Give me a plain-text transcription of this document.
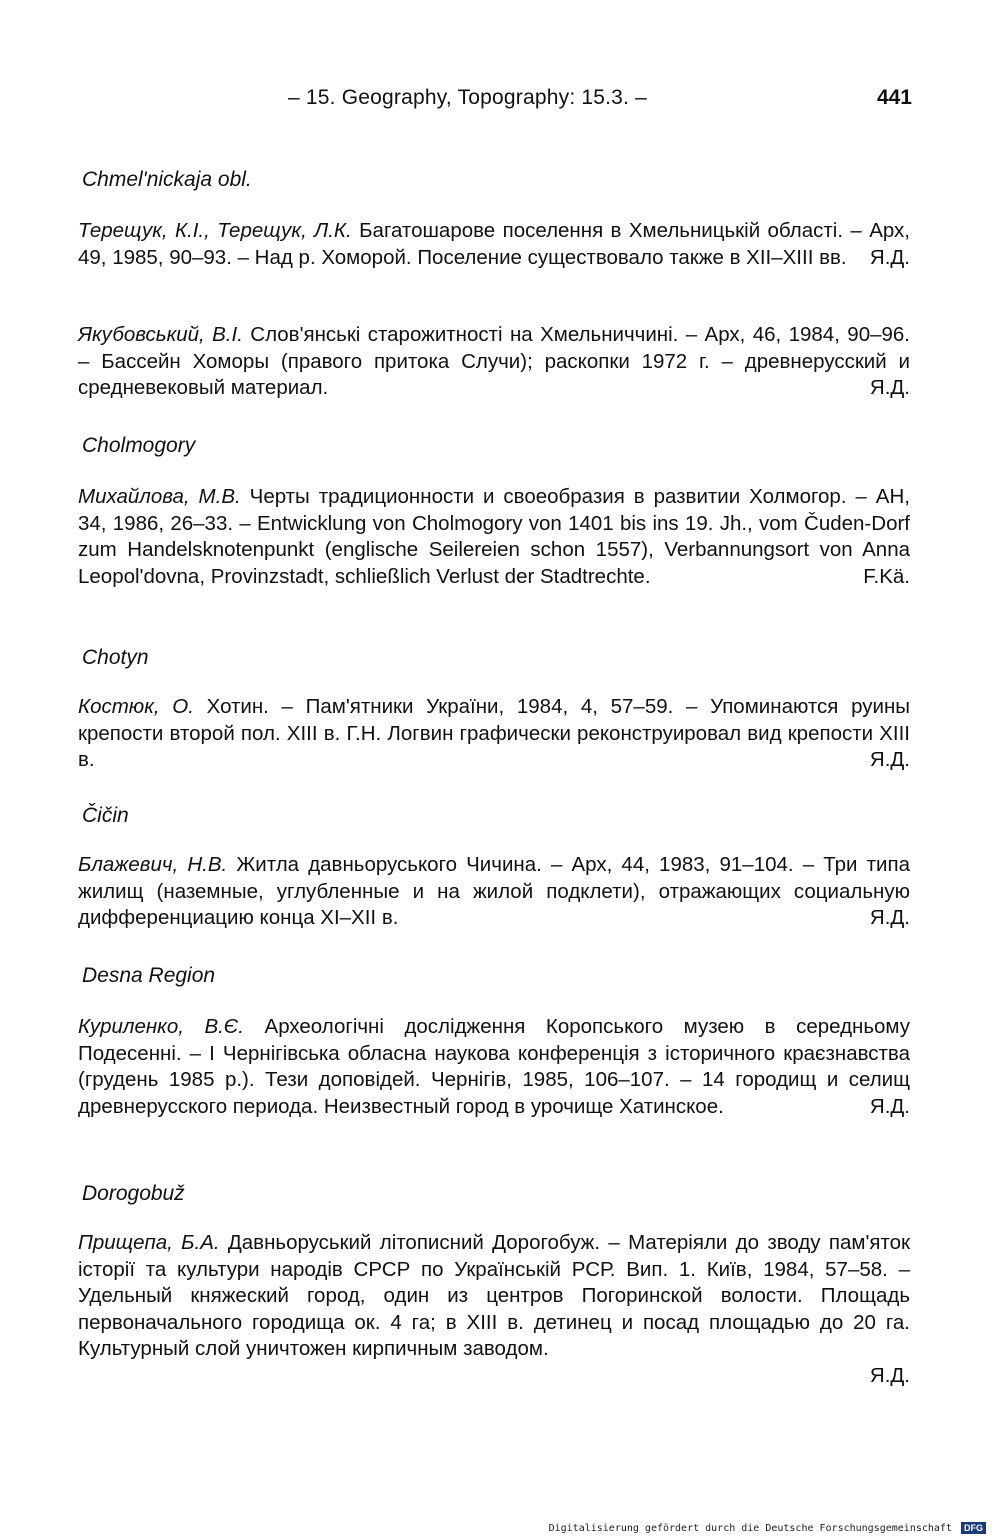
– 15. Geography, Topography: 15.3. –	441
Chmel'nickaja obl.
Терещук, К.І., Терещук, Л.К. Багатошарове поселення в Хмельницькій області. – Арх, 49, 1985, 90–93. – Над р. Хоморой. Поселение существовало также в XII–XIII вв. Я.Д.
Якубовський, В.І. Слов'янські старожитності на Хмельниччині. – Арх, 46, 1984, 90–96. – Бассейн Хоморы (правого притока Случи); раскопки 1972 г. – древнерусский и средневековый материал.	Я.Д.
Cholmogory
Михайлова, М.В. Черты традиционности и своеобразия в развитии Холмогор. – АН, 34, 1986, 26–33. – Entwicklung von Cholmogory von 1401 bis ins 19. Jh., vom Čuden-Dorf zum Handelsknotenpunkt (englische Seilereien schon 1557), Verbannungsort von Anna Leopol'dovna, Provinzstadt, schließlich Verlust der Stadtrechte.	F.Kä.
Chotyn
Костюк, О. Хотин. – Пам'ятники України, 1984, 4, 57–59. – Упоминаются руины крепости второй пол. XIII в. Г.Н. Логвин графически реконструировал вид крепости XIII в.	Я.Д.
Čičin
Блажевич, Н.В. Житла давньоруського Чичина. – Арх, 44, 1983, 91–104. – Три типа жилищ (наземные, углубленные и на жилой подклети), отражающих социальную дифференциацию конца XI–XII в.	Я.Д.
Desna Region
Куриленко, В.Є. Археологічні дослідження Коропського музею в середньому Подесенні. – І Чернігівська обласна наукова конференція з історичного краєзнавства (грудень 1985 р.). Тези доповідей. Чернігів, 1985, 106–107. – 14 городищ и селищ древнерусского периода. Неизвестный город в урочище Хатинское.	Я.Д.
Dorogobuž
Прищепа, Б.А. Давньоруський літописний Дорогобуж. – Матеріяли до зводу пам'яток історії та культури народів СРСР по Українській РСР. Вип. 1. Київ, 1984, 57–58. – Удельный княжеский город, один из центров Погоринской волости. Площадь первоначального городища ок. 4 га; в XIII в. детинец и посад площадью до 20 га. Культурный слой уничтожен кирпичным заводом.
Я.Д.
Digitalisierung gefördert durch die Deutsche Forschungsgemeinschaft DFG
